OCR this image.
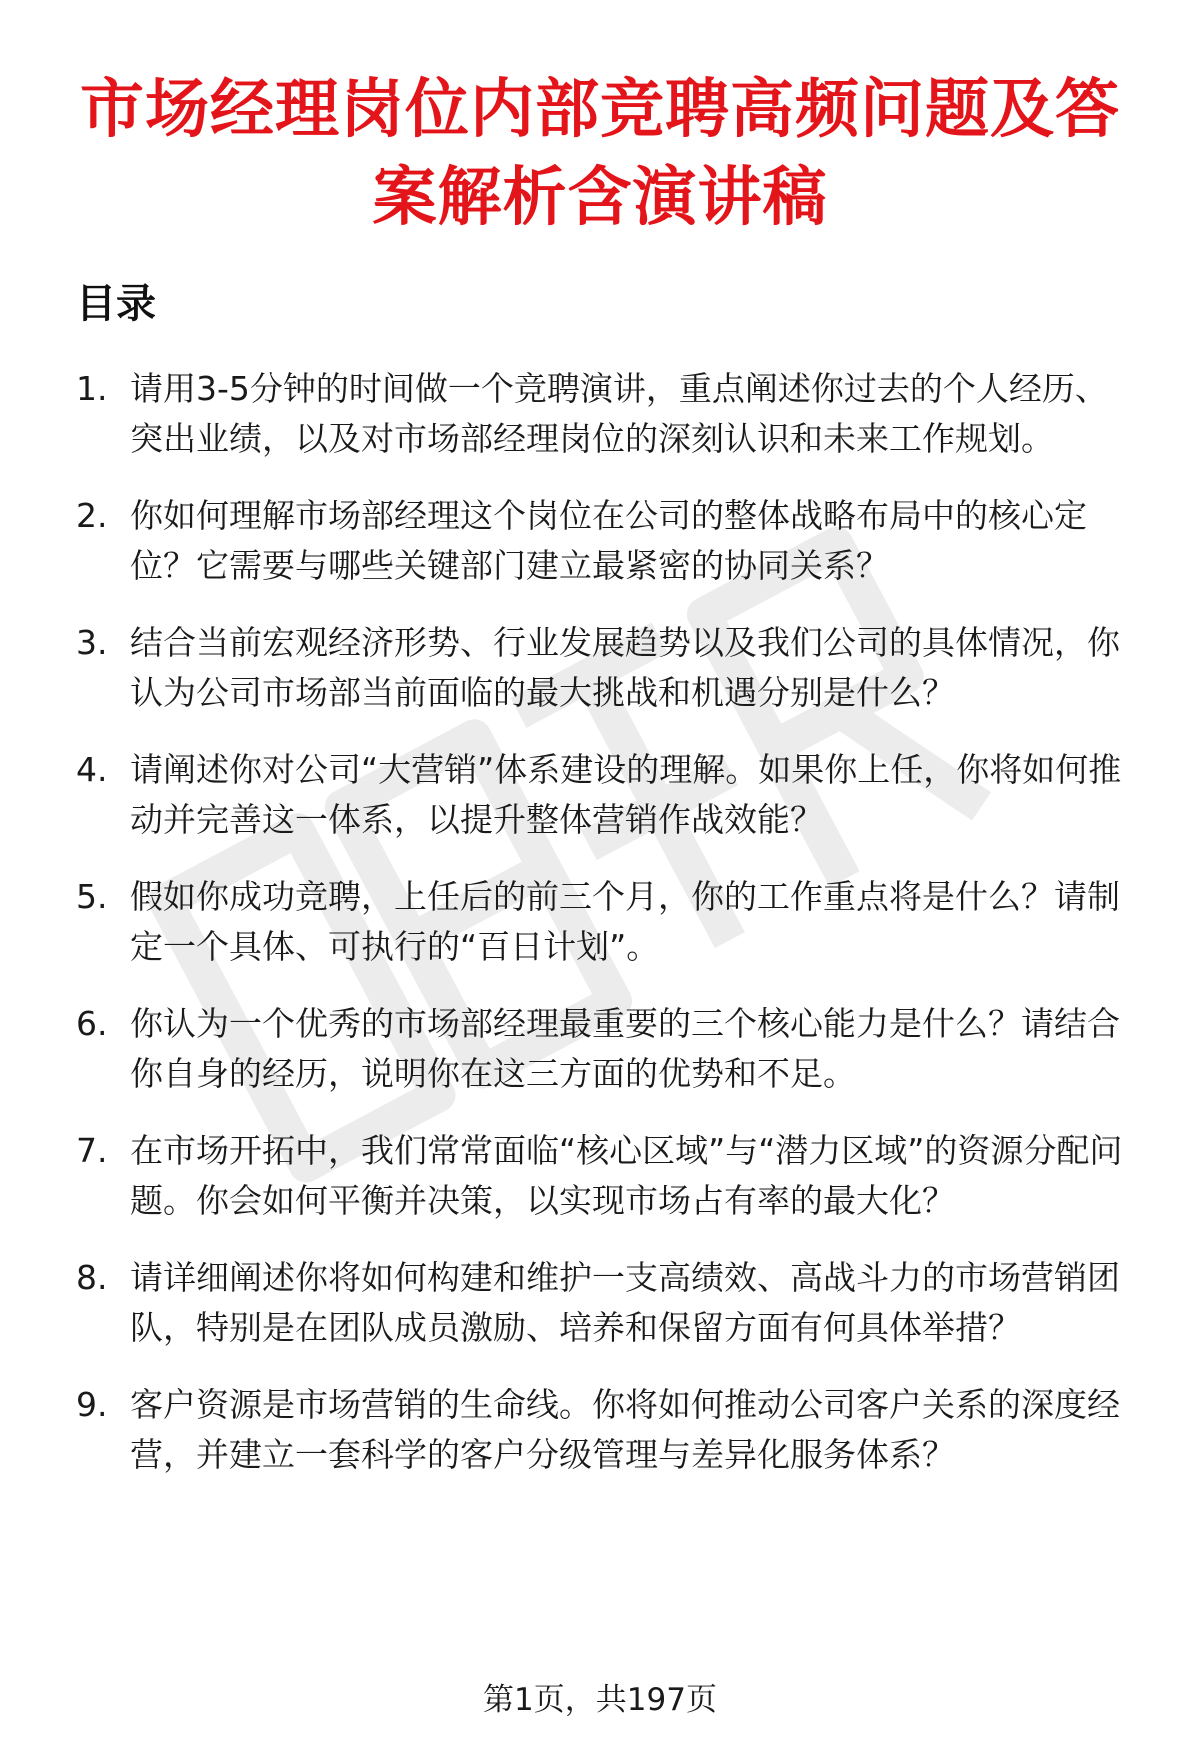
市场经理岗位内部竞聘高频问题及答案解析含演讲稿
目录
1. 请用3-5分钟的时间做一个竞聘演讲，重点阐述你过去的个人经历、突出业绩，以及对市场部经理岗位的深刻认识和未来工作规划。
2. 你如何理解市场部经理这个岗位在公司的整体战略布局中的核心定位？它需要与哪些关键部门建立最紧密的协同关系？
3. 结合当前宏观经济形势、行业发展趋势以及我们公司的具体情况，你认为公司市场部当前面临的最大挑战和机遇分别是什么？
4. 请阐述你对公司“大营销”体系建设的理解。如果你上任，你将如何推动并完善这一体系，以提升整体营销作战效能？
5. 假如你成功竞聘，上任后的前三个月，你的工作重点将是什么？请制定一个具体、可执行的“百日计划”。
6. 你认为一个优秀的市场部经理最重要的三个核心能力是什么？请结合你自身的经历，说明你在这三方面的优势和不足。
7. 在市场开拓中，我们常常面临“核心区域”与“潜力区域”的资源分配问题。你会如何平衡并决策，以实现市场占有率的最大化？
8. 请详细阐述你将如何构建和维护一支高绩效、高战斗力的市场营销团队，特别是在团队成员激励、培养和保留方面有何具体举措？
9. 客户资源是市场营销的生命线。你将如何推动公司客户关系的深度经营，并建立一套科学的客户分级管理与差异化服务体系？
第1页，共197页
